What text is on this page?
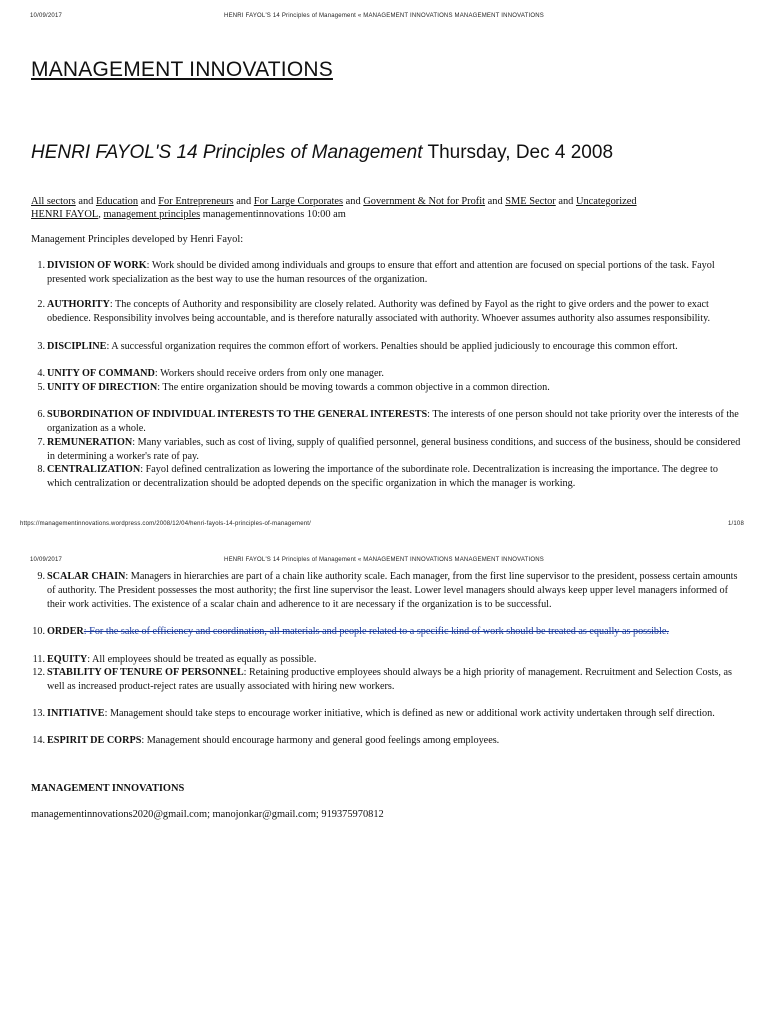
10/09/2017	HENRI FAYOL'S 14 Principles of Management « MANAGEMENT INNOVATIONS MANAGEMENT INNOVATIONS
MANAGEMENT INNOVATIONS
HENRI FAYOL'S 14 Principles of Management Thursday, Dec 4 2008
All sectors and Education and For Entrepreneurs and For Large Corporates and Government & Not for Profit and SME Sector and Uncategorized
HENRI FAYOL, management principles managementinnovations 10:00 am
Management Principles developed by Henri Fayol:
1. DIVISION OF WORK: Work should be divided among individuals and groups to ensure that effort and attention are focused on special portions of the task. Fayol presented work specialization as the best way to use the human resources of the organization.
2. AUTHORITY: The concepts of Authority and responsibility are closely related. Authority was defined by Fayol as the right to give orders and the power to exact obedience. Responsibility involves being accountable, and is therefore naturally associated with authority. Whoever assumes authority also assumes responsibility.
3. DISCIPLINE: A successful organization requires the common effort of workers. Penalties should be applied judiciously to encourage this common effort.
4. UNITY OF COMMAND: Workers should receive orders from only one manager.
5. UNITY OF DIRECTION: The entire organization should be moving towards a common objective in a common direction.
6. SUBORDINATION OF INDIVIDUAL INTERESTS TO THE GENERAL INTERESTS: The interests of one person should not take priority over the interests of the organization as a whole.
7. REMUNERATION: Many variables, such as cost of living, supply of qualified personnel, general business conditions, and success of the business, should be considered in determining a worker's rate of pay.
8. CENTRALIZATION: Fayol defined centralization as lowering the importance of the subordinate role. Decentralization is increasing the importance. The degree to which centralization or decentralization should be adopted depends on the specific organization in which the manager is working.
https://managementinnovations.wordpress.com/2008/12/04/henri-fayols-14-principles-of-management/	1/108
10/09/2017	HENRI FAYOL'S 14 Principles of Management « MANAGEMENT INNOVATIONS MANAGEMENT INNOVATIONS
9. SCALAR CHAIN: Managers in hierarchies are part of a chain like authority scale. Each manager, from the first line supervisor to the president, possess certain amounts of authority. The President possesses the most authority; the first line supervisor the least. Lower level managers should always keep upper level managers informed of their work activities. The existence of a scalar chain and adherence to it are necessary if the organization is to be successful.
10. ORDER: For the sake of efficiency and coordination, all materials and people related to a specific kind of work should be treated as equally as possible.
11. EQUITY: All employees should be treated as equally as possible.
12. STABILITY OF TENURE OF PERSONNEL: Retaining productive employees should always be a high priority of management. Recruitment and Selection Costs, as well as increased product-reject rates are usually associated with hiring new workers.
13. INITIATIVE: Management should take steps to encourage worker initiative, which is defined as new or additional work activity undertaken through self direction.
14. ESPIRIT DE CORPS: Management should encourage harmony and general good feelings among employees.
MANAGEMENT INNOVATIONS
managementinnovations2020@gmail.com; manojonkar@gmail.com; 919375970812
